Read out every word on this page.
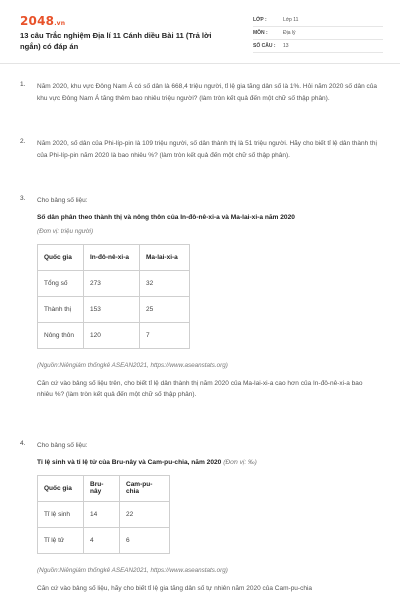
2048.vn
13 câu Trắc nghiệm Địa lí 11 Cánh diều Bài 11 (Trả lời ngắn) có đáp án
LỚP :	Lớp 11
MÔN :	Địa lý
SỐ CÂU :	13
1. Năm 2020, khu vực Đông Nam Á có số dân là 668,4 triệu người, tỉ lệ gia tăng dân số là 1%. Hỏi năm 2020 số dân của khu vực Đông Nam Á tăng thêm bao nhiêu triệu người? (làm tròn kết quả đến một chữ số thập phân).
2. Năm 2020, số dân của Phi-líp-pin là 109 triệu người, số dân thành thị là 51 triệu người. Hãy cho biết tỉ lệ dân thành thị của Phi-líp-pin năm 2020 là bao nhiêu %? (làm tròn kết quả đến một chữ số thập phân).
3. Cho bảng số liệu:
Số dân phân theo thành thị và nông thôn của In-đô-nê-xi-a và Ma-lai-xi-a năm 2020
(Đơn vị: triệu người)
Quốc gia	In-đô-nê-xi-a	Ma-lai-xi-a
Tổng số	273	32
Thành thị	153	25
Nông thôn	120	7
(Nguồn:Niêngiám thốngkê ASEAN2021, https://www.aseanstats.org)
Căn cứ vào bảng số liệu trên, cho biết tỉ lệ dân thành thị năm 2020 của Ma-lai-xi-a cao hơn của In-đô-nê-xi-a bao nhiêu %? (làm tròn kết quả đến một chữ số thập phân).
4. Cho bảng số liệu:
Tỉ lệ sinh và tỉ lệ tử của Bru-nây và Cam-pu-chia, năm 2020 (Đơn vị: ‰)
Quốc gia	Bru-nây	Cam-pu-chia
Tỉ lệ sinh	14	22
Tỉ lệ tử	4	6
(Nguồn:Niêngiám thốngkê ASEAN2021, https://www.aseanstats.org)
Căn cứ vào bảng số liệu, hãy cho biết tỉ lệ gia tăng dân số tự nhiên năm 2020 của Cam-pu-chia
